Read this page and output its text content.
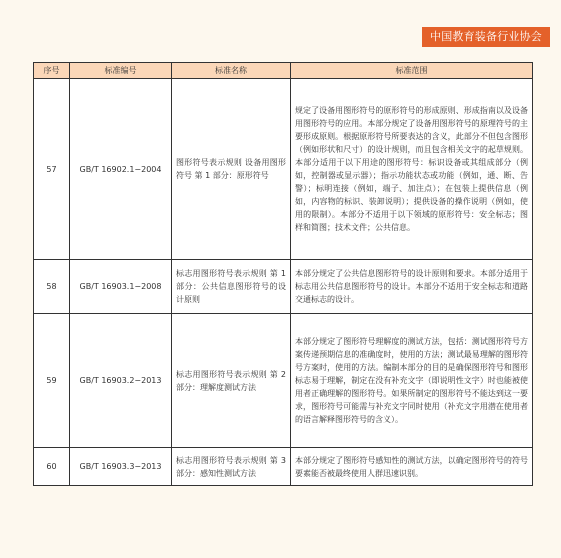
中国教育装备行业协会
序号	标准编号	标准名称	标准范围
57	GB/T 16902.1−2004	图形符号表示规则 设备用图形符号 第 1 部分：原形符号	规定了设备用图形符号的原形符号的形成原则、形成指南以及设备用图形符号的应用。本部分规定了设备用图形符号的原理符号的主要形成原则。根据原形符号所要表达的含义，此部分不但包含图形（例如形状和尺寸）的设计规则，而且包含相关文字的起草规则。本部分适用于以下用途的图形符号：标识设备或其组成部分（例如，控制器或显示器）；指示功能状态或功能（例如，通、断、告警）；标明连接（例如，端子、加注点）；在包装上提供信息（例如，内容物的标识、装卸说明）；提供设备的操作说明（例如，使用的限制）。本部分不适用于以下领域的原形符号：安全标志；图样和简图；技术文件；公共信息。
58	GB/T 16903.1−2008	标志用图形符号表示规则 第 1 部分：公共信息图形符号的设计原则	本部分规定了公共信息图形符号的设计原则和要求。本部分适用于标志用公共信息图形符号的设计。本部分不适用于安全标志和道路交通标志的设计。
59	GB/T 16903.2−2013	标志用图形符号表示规则 第 2 部分：理解度测试方法	本部分规定了图形符号理解度的测试方法，包括：测试图形符号方案传递预期信息的准确度时，使用的方法；测试最易理解的图形符号方案时，使用的方法。编制本部分的目的是确保图形符号和图形标志易于理解，制定在没有补充文字（即说明性文字）时也能被使用者正确理解的图形符号。如果所制定的图形符号不能达到这一要求，图形符号可能需与补充文字同时使用（补充文字用潜在使用者的语言解释图形符号的含义）。
60	GB/T 16903.3−2013	标志用图形符号表示规则 第 3 部分：感知性测试方法	本部分规定了图形符号感知性的测试方法，以确定图形符号的符号要素能否被最终使用人群迅速识别。
